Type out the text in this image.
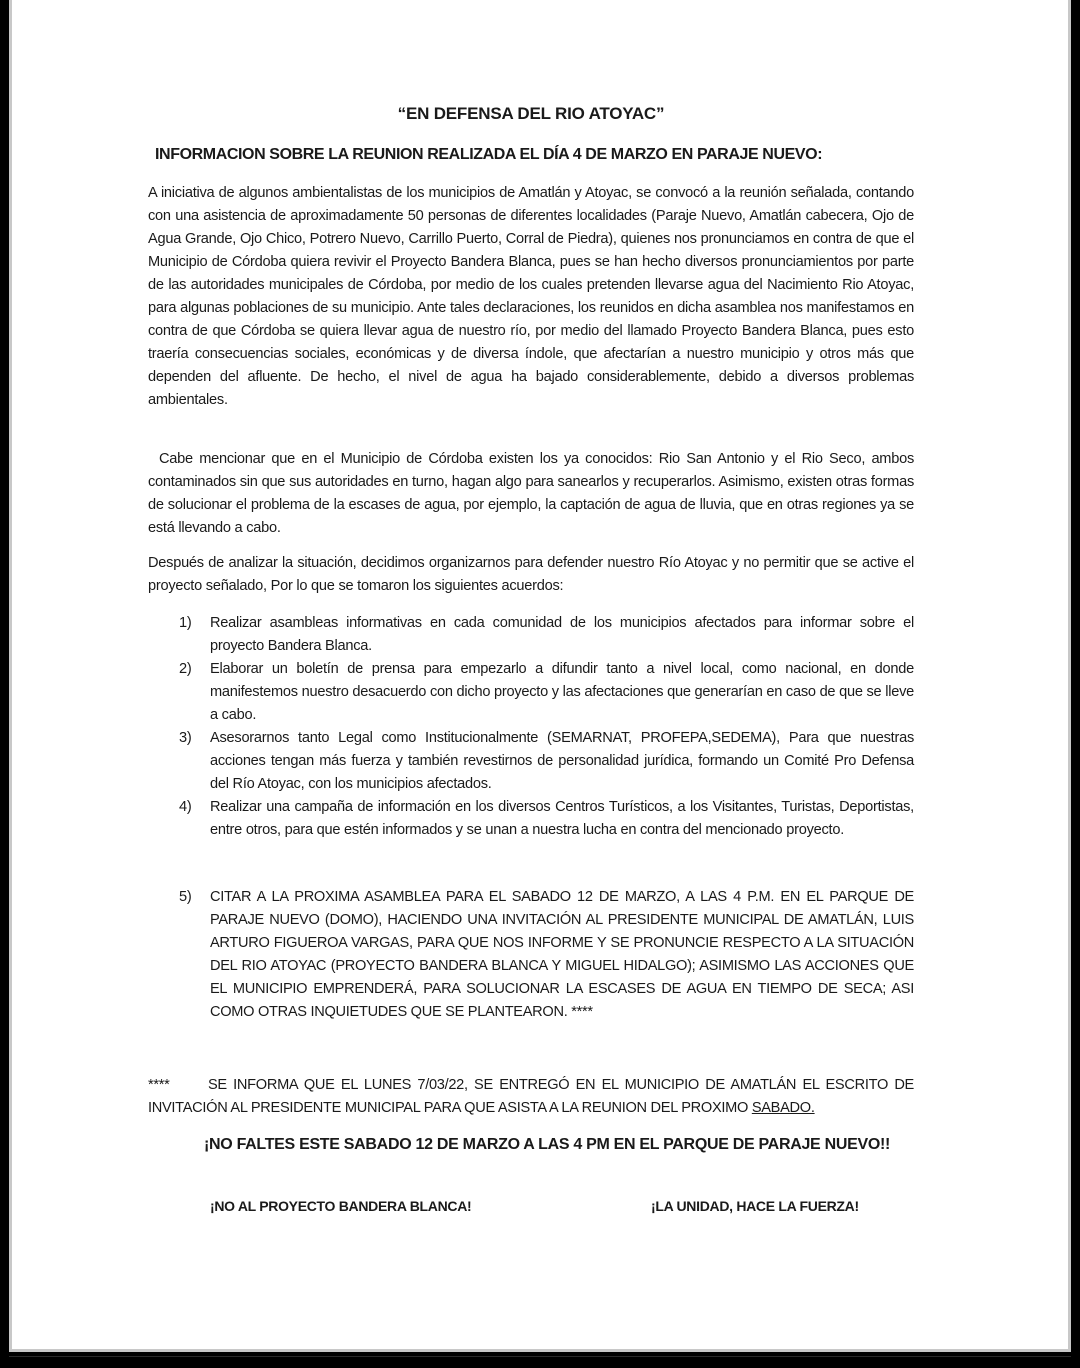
“EN DEFENSA DEL RIO ATOYAC”
INFORMACION SOBRE LA REUNION REALIZADA EL DÍA 4 DE MARZO EN PARAJE NUEVO:
A iniciativa de algunos ambientalistas de los municipios de Amatlán y Atoyac, se convocó a la reunión señalada, contando con una asistencia de aproximadamente 50 personas de diferentes localidades (Paraje Nuevo, Amatlán cabecera, Ojo de Agua Grande, Ojo Chico, Potrero Nuevo, Carrillo Puerto, Corral de Piedra), quienes nos pronunciamos en contra de que el Municipio de Córdoba quiera revivir el Proyecto Bandera Blanca, pues se han hecho diversos pronunciamientos por parte de las autoridades municipales de Córdoba, por medio de los cuales pretenden llevarse agua del Nacimiento Rio Atoyac, para algunas poblaciones de su municipio. Ante tales declaraciones, los reunidos en dicha asamblea nos manifestamos en contra de que Córdoba se quiera llevar agua de nuestro río, por medio del llamado Proyecto Bandera Blanca, pues esto traería consecuencias sociales, económicas y de diversa índole, que afectarían a nuestro municipio y otros más que dependen del afluente. De hecho, el nivel de agua ha bajado considerablemente, debido a diversos problemas ambientales.
Cabe mencionar que en el Municipio de Córdoba existen los ya conocidos: Rio San Antonio y el Rio Seco, ambos contaminados sin que sus autoridades en turno, hagan algo para sanearlos y recuperarlos. Asimismo, existen otras formas de solucionar el problema de la escases de agua, por ejemplo, la captación de agua de lluvia, que en otras regiones ya se está llevando a cabo.
Después de analizar la situación, decidimos organizarnos para defender nuestro Río Atoyac y no permitir que se active el proyecto señalado, Por lo que se tomaron los siguientes acuerdos:
1) Realizar asambleas informativas en cada comunidad de los municipios afectados para informar sobre el proyecto Bandera Blanca.
2) Elaborar un boletín de prensa para empezarlo a difundir tanto a nivel local, como nacional, en donde manifestemos nuestro desacuerdo con dicho proyecto y las afectaciones que generarían en caso de que se lleve a cabo.
3) Asesorarnos tanto Legal como Institucionalmente (SEMARNAT, PROFEPA,SEDEMA), Para que nuestras acciones tengan más fuerza y también revestirnos de personalidad jurídica, formando un Comité Pro Defensa del Río Atoyac, con los municipios afectados.
4) Realizar una campaña de información en los diversos Centros Turísticos, a los Visitantes, Turistas, Deportistas, entre otros, para que estén informados y se unan a nuestra lucha en contra del mencionado proyecto.
5) CITAR A LA PROXIMA ASAMBLEA PARA EL SABADO 12 DE MARZO, A LAS 4 P.M. EN EL PARQUE DE PARAJE NUEVO (DOMO), HACIENDO UNA INVITACIÓN AL PRESIDENTE MUNICIPAL DE AMATLÁN, LUIS ARTURO FIGUEROA VARGAS, PARA QUE NOS INFORME Y SE PRONUNCIE RESPECTO A LA SITUACIÓN DEL RIO ATOYAC (PROYECTO BANDERA BLANCA Y MIGUEL HIDALGO); ASIMISMO LAS ACCIONES QUE EL MUNICIPIO EMPRENDERÁ, PARA SOLUCIONAR LA ESCASES DE AGUA EN TIEMPO DE SECA; ASI COMO OTRAS INQUIETUDES QUE SE PLANTEARON. ****
****	SE INFORMA QUE EL LUNES 7/03/22, SE ENTREGÓ EN EL MUNICIPIO DE AMATLÁN EL ESCRITO DE INVITACIÓN AL PRESIDENTE MUNICIPAL PARA QUE ASISTA A LA REUNION DEL PROXIMO SABADO.
¡NO FALTES ESTE SABADO 12 DE MARZO A LAS 4 PM EN EL PARQUE DE PARAJE NUEVO!!
¡NO AL PROYECTO BANDERA BLANCA!	¡LA UNIDAD, HACE LA FUERZA!
